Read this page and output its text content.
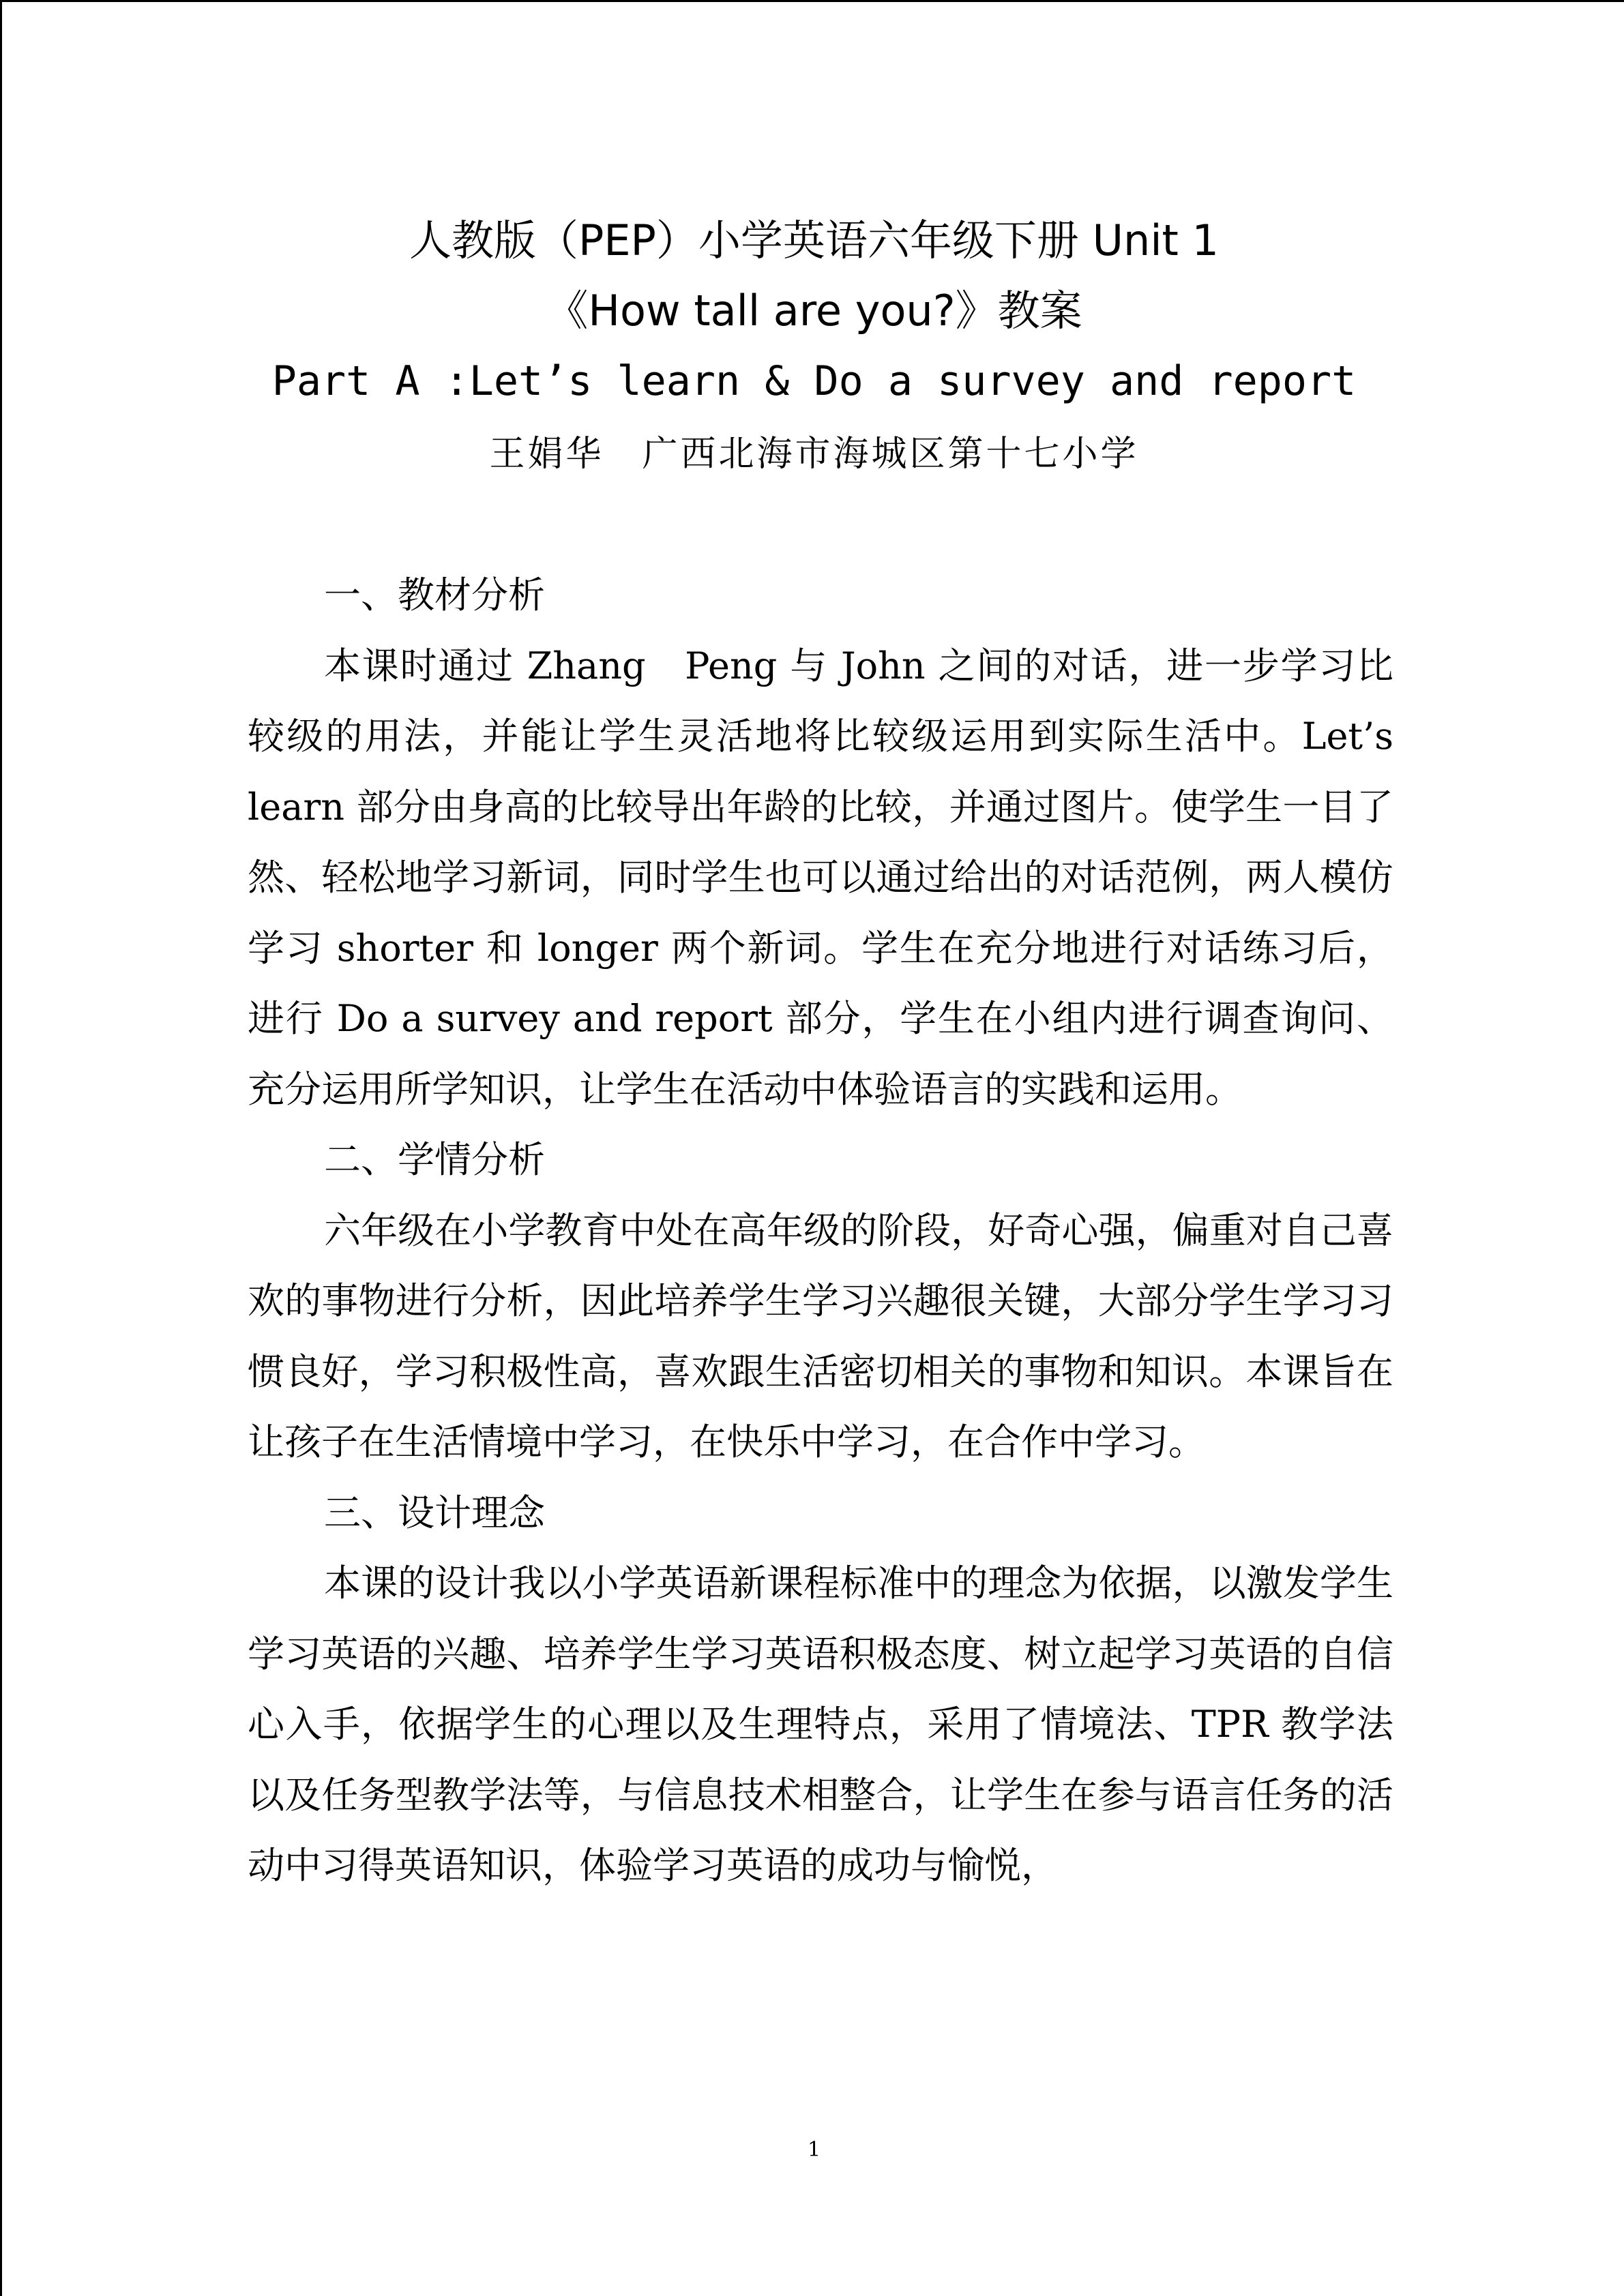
人教版（PEP）小学英语六年级下册 Unit 1
《How tall are you?》教案
Part A :Let’s learn & Do a survey and report
王娟华　广西北海市海城区第十七小学

一、教材分析

本课时通过 Zhang　Peng 与 John 之间的对话，进一步学习比较级的用法，并能让学生灵活地将比较级运用到实际生活中。Let’s learn 部分由身高的比较导出年龄的比较，并通过图片。使学生一目了然、轻松地学习新词，同时学生也可以通过给出的对话范例，两人模仿学习 shorter 和 longer 两个新词。学生在充分地进行对话练习后，进行 Do a survey and report 部分，学生在小组内进行调查询问、充分运用所学知识，让学生在活动中体验语言的实践和运用。

二、学情分析

六年级在小学教育中处在高年级的阶段，好奇心强，偏重对自己喜欢的事物进行分析，因此培养学生学习兴趣很关键，大部分学生学习习惯良好，学习积极性高，喜欢跟生活密切相关的事物和知识。本课旨在让孩子在生活情境中学习，在快乐中学习，在合作中学习。

三、设计理念

本课的设计我以小学英语新课程标准中的理念为依据，以激发学生学习英语的兴趣、培养学生学习英语积极态度、树立起学习英语的自信心入手，依据学生的心理以及生理特点，采用了情境法、TPR 教学法以及任务型教学法等，与信息技术相整合，让学生在参与语言任务的活动中习得英语知识，体验学习英语的成功与愉悦，

1
